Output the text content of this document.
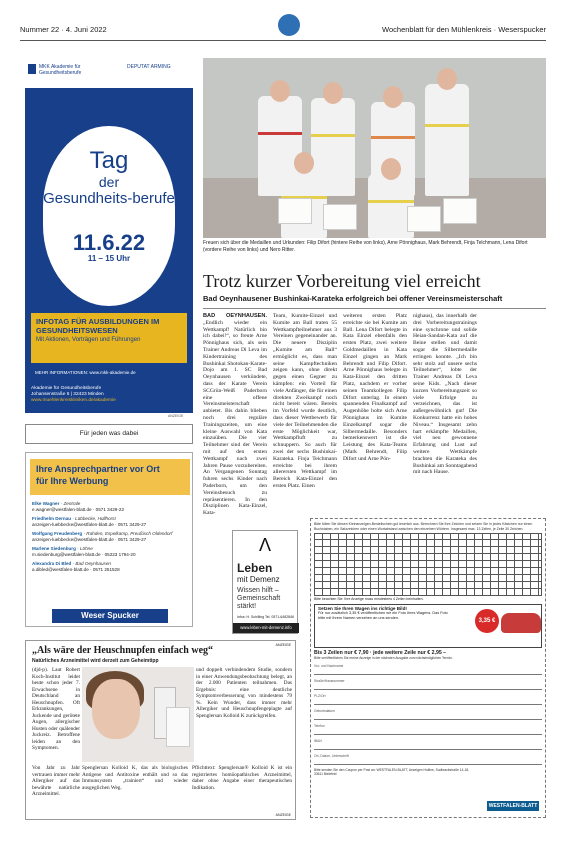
Nummer 22 · 4. Juni 2022	Wochenblatt für den Mühlenkreis · Weserspucker
MKK Akademie für Gesundheitsberufe
DEPUTAT ARMING
Tag
der
Gesundheits-berufe
11.6.22
11 – 15 Uhr
INFOTAG FÜR AUSBILDUNGEN IM GESUNDHEITSWESEN
Mit Aktionen, Vorträgen und Führungen
MEHR INFORMATIONEN: www.mkk-akademie.de
Akademie für Gesundheitsberufe
Johansenstraße 6 | 32423 Minden
www.muehlenkreiskliniken.de/akademie
ANZEIGE
Für jeden was dabei
Ihre Ansprechpartner vor Ort
für Ihre Werbung
Elke Wagner · Zentrale
e.wagner@westfalen-blatt.de · 0571 3429-22
Friedhelm Dernau · Lübbecke, Hüllhorst
anzeigen-luebbecke@westfalen-blatt.de · 0571 3429-27
Wolfgang Freudenberg · Rahden, Espelkamp, Preußisch Oldendorf
anzeigen-luebbecke@westfalen-blatt.de · 0571 3429-27
Marlene Siedenburg · Löhne
m.siedenburg@westfalen-blatt.de · 05223 1794-20
Alexandra Di Bled · Bad Oeynhausen
a.dibled@westfalen-blatt.de · 0571 251528
Weser Spucker
Freuen sich über die Medaillen und Urkunden: Filip Difort (hintere Reihe von links), Arne Pönnighaus, Mark Behrendt, Finja Telchmann, Lena Difort (vordere Reihe von links) und Nero Ritter.
Trotz kurzer Vorbereitung viel erreicht
Bad Oeynhausener Bushinkai-Karateka erfolgreich bei offener Vereinsmeisterschaft
BAD OEYNHAUSEN. „Endlich wieder ein Wettkampf! Natürlich bin ich dabei!“, so freute Arne Pönnighaus sich, als sein Trainer Andreas Di Leva im Kindertraining des Bushinkai Shotokan-Karate-Dojo am 1. SC Bad Oeynhausen verkündete, dass der Karate Verein SCGrün-Weiß Paderborn eine offene Vereinsmeisterschaft anbietet. Bis dahin blieben noch drei reguläre Trainingszeiten, um eine kleine Auswahl von Kata einzuüben. Die vier Teilnehmer sind der Verein mit auf den ersten Wettkampf nach zwei Jahren Pause vorzubereiten. An Vergangenen Sonntag fuhren sechs Kinder nach Paderborn, um den Vereinsbesuch zu repräsentieren. In den Disziplinen Kata-Einzel, Kata-
Team, Kumite-Einzel und Kumite am Ball traten 55 Wettkampfteilnehmer aus 3 Vereinen gegeneinander an. Die neuere Disziplin „Kumite am Ball“ ermöglicht es, dass man seine Kampftechniken zeigen kann, ohne direkt gegen einen Gegner zu kämpfen: ein Vorteil für viele Anfänger, die für einen direkten Zweikampf noch nicht bereit wären. Bereits im Vorfeld wurde deutlich, dass dieser Wettbewerb für viele der Teilnehmenden die erste Möglichkeit war, Wettkampfluft zu schnuppern. So auch für zwei der sechs Bushinkai-Karateka. Finja Teichmann erreichte bei ihrem allerersten Wettkampf im Bereich Kata-Einzel den ersten Platz. Einen
weiteren ersten Platz erreichte sie bei Kumite am Ball. Lena Difort belegte in Kata Einzel ebenfalls den ersten Platz, zwei weitere Goldmedaillen in Kata Einzel gingen an Mark Behrendt und Filip Difort. Arne Pönnighaus belegte in Kata-Einzel den dritten Platz, nachdem er vorher seinen Teamkollegen Filip Difort unterlag. In einem spannenden Finalkampf auf Augenhöhe holte sich Arne Pönnighaus im Kumite Einzelkampf sogar die Silbermedaille. Besonders bemerkenswert ist die Leistung des Kata-Teams (Mark Behrendt, Filip Difort und Arne Pön-
nighaus), das innerhalb der drei Vorbereitungstrainings eine synchrone und solide Heian-Sandan-Kata auf die Beine stellen und damit sogar die Silbermedaille erringen konnte. „Ich bin sehr stolz auf unsere sechs Teilnehmer“, lobte der Trainer Andreas Di Leva seine Kids. „Nach dieser kurzen Vorbereitungszeit so viele Erfolge zu verzeichnen, das ist außergewöhnlich gut! Die Konkurrenz hatte ein hohes Niveau.“ Insgesamt zehn hart erkämpfte Medaillen, viel neu gewonnene Erfahrung und Lust auf weitere Wettkämpfe brachten die Karateka des Bushinkai am Sonntagabend mit nach Hause.
Λ
Leben
mit Demenz
Wissen hilft – Gemeinschaft stärkt!
Infos: H. Schilling Tel. 0571-6482846
www.leben-mit-demenz.info
Bitte füllen Sie diesen Kleinanzeigen-Bestellschein gut leserlich aus. Berechnen Sie Ihre Zeichen und setzen Sie in jedes Kästchen nur einen Buchstaben, ein Satzzeichen oder einen Wortabstand zwischen den einzelnen Wörtern. Insgesamt max. 13 Zeilen, je Zeile 30 Zeichen.
Bitte beachten Sie: Ihre Anzeige muss mindestens 4 Zeilen beinhalten.
Setzen Sie Ihren Wagen ins richtige Bild!
Für nur zusätzlich 3,35 € veröffentlichen wir ein Foto Ihres Wagens. Das Foto bitte mit Ihrem Namen versehen an uns senden.	3,35 €
Bis 3 Zeilen nur € 7,90 · jede weitere Zeile nur € 2,95 –
Bitte veröffentlichen Sie meine Anzeige in der nächsten Ausgabe zum nächstmöglichen Termin.
Vor- und Nachname
Straße/Hausnummer
PLZ/Ort
Geburtsdatum
Telefon
IBAN
Ort, Datum, Unterschrift
Bitte senden Sie den Coupon per Post an: WESTFALEN-BLATT, Anzeigen Hotline, Sudbrackstraße 14-18, 33611 Bielefeld
WESTFALEN-BLATT
ANZEIGE
„Als wäre der Heuschnupfen einfach weg“
Natürliches Arzneimittel wird derzeit zum Geheimtipp
(djd-p). Laut Robert Koch-Institut leidet heute schon jeder 7. Erwachsene in Deutschland an Heuschnupfen. Oft Erkrankungen, Juckende und gerötete Augen, allergischer Husten oder quälender Juckreiz. Betroffene leiden an den Symptomen.
und doppelt verbindendem Studie, sondern in einer Anwendungsbeobachtung belegt, an der 2.000 Patienten teilnahmen. Das Ergebnis: eine deutliche Symptomverbesserung von mindestens 79 %. Kein Wunder, dass immer mehr Allergiker und Heuschnupfengeplagte auf Spenglersan Kolloid K zurückgreifen.
Von Jahr zu Jahr vertrauen immer mehr Allergiker auf das bewährte natürliche Arzneimittel.
Spenglersan Kolloid K, das als biologisches Antigene und Antitoxine enthält und so das Immunsystem „trainiert“ und wieder ausgeglichen Weg.
Pflichttext: Spenglersan® Kolloid K ist ein registriertes homöopathisches Arzneimittel, daher ohne Angabe einer therapeutischen Indikation.
ANZEIGE
